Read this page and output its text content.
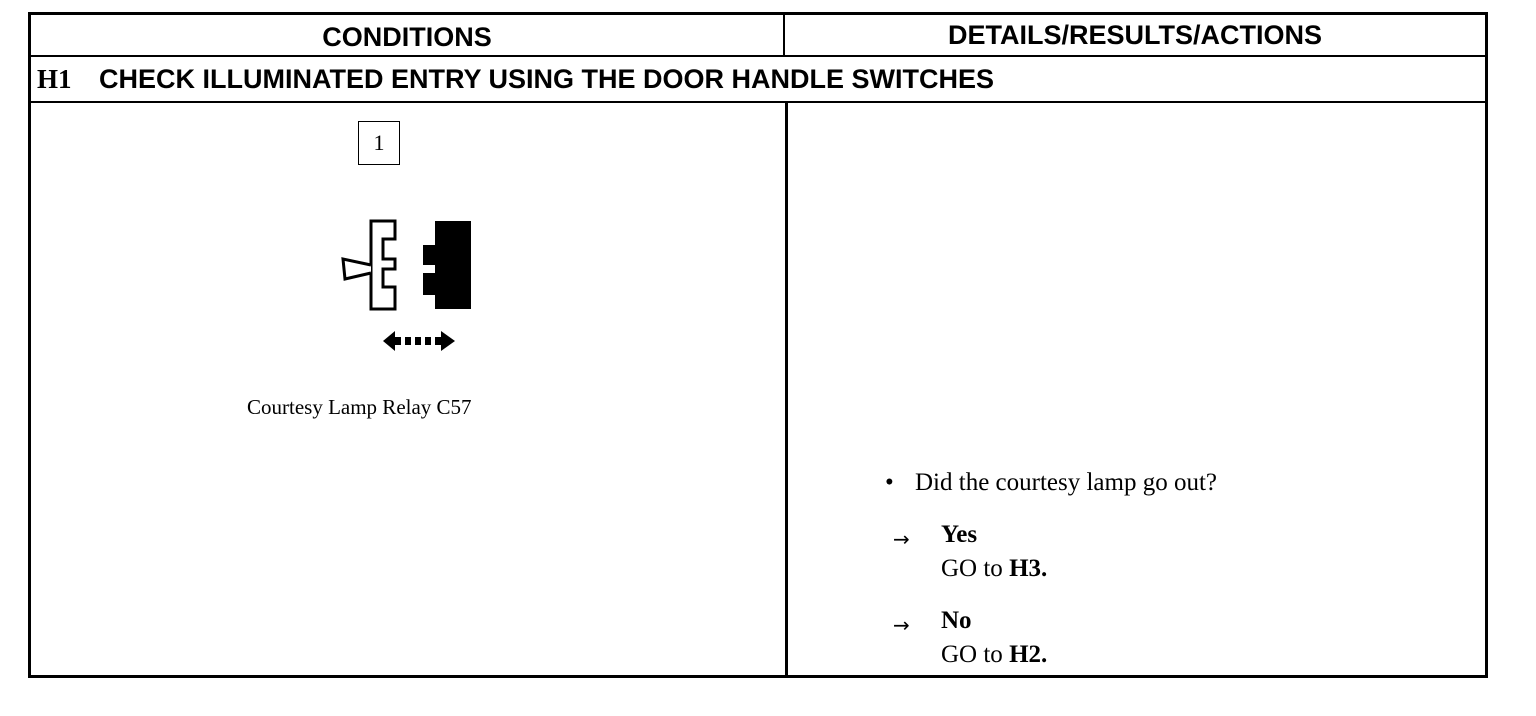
CONDITIONS	DETAILS/RESULTS/ACTIONS
H1	CHECK ILLUMINATED ENTRY USING THE DOOR HANDLE SWITCHES
1
Courtesy Lamp Relay C57
• Did the courtesy lamp go out?
→ Yes
GO to H3.
→ No
GO to H2.
